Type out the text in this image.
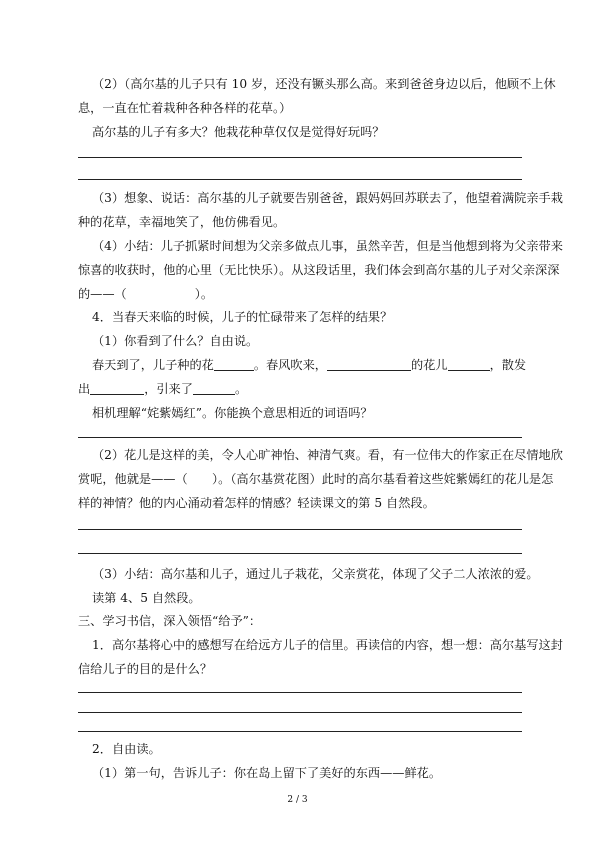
（2）（高尔基的儿子只有 10 岁，还没有镢头那么高。来到爸爸身边以后，他顾不上休
息，一直在忙着栽种各种各样的花草。）
高尔基的儿子有多大？他栽花种草仅仅是觉得好玩吗？
（3）想象、说话：高尔基的儿子就要告别爸爸，跟妈妈回苏联去了，他望着满院亲手栽
种的花草，幸福地笑了，他仿佛看见。
（4）小结：儿子抓紧时间想为父亲多做点儿事，虽然辛苦，但是当他想到将为父亲带来
惊喜的收获时，他的心里（无比快乐）。从这段话里，我们体会到高尔基的儿子对父亲深深
的——（	）。
4．当春天来临的时候，儿子的忙碌带来了怎样的结果？
（1）你看到了什么？自由说。
春天到了，儿子种的花	。春风吹来，	的花儿	，散发
出	，引来了	。
相机理解“姹紫嫣红”。你能换个意思相近的词语吗？
（2）花儿是这样的美，令人心旷神怡、神清气爽。看，有一位伟大的作家正在尽情地欣
赏呢，他就是——（　　）。（高尔基赏花图）此时的高尔基看着这些姹紫嫣红的花儿是怎
样的神情？他的内心涌动着怎样的情感？轻读课文的第 5 自然段。
（3）小结：高尔基和儿子，通过儿子栽花，父亲赏花，体现了父子二人浓浓的爱。
读第 4、5 自然段。
三、学习书信，深入领悟“给予”：
1．高尔基将心中的感想写在给远方儿子的信里。再读信的内容，想一想：高尔基写这封
信给儿子的目的是什么？
2．自由读。
（1）第一句，告诉儿子：你在岛上留下了美好的东西——鲜花。
2 / 3
